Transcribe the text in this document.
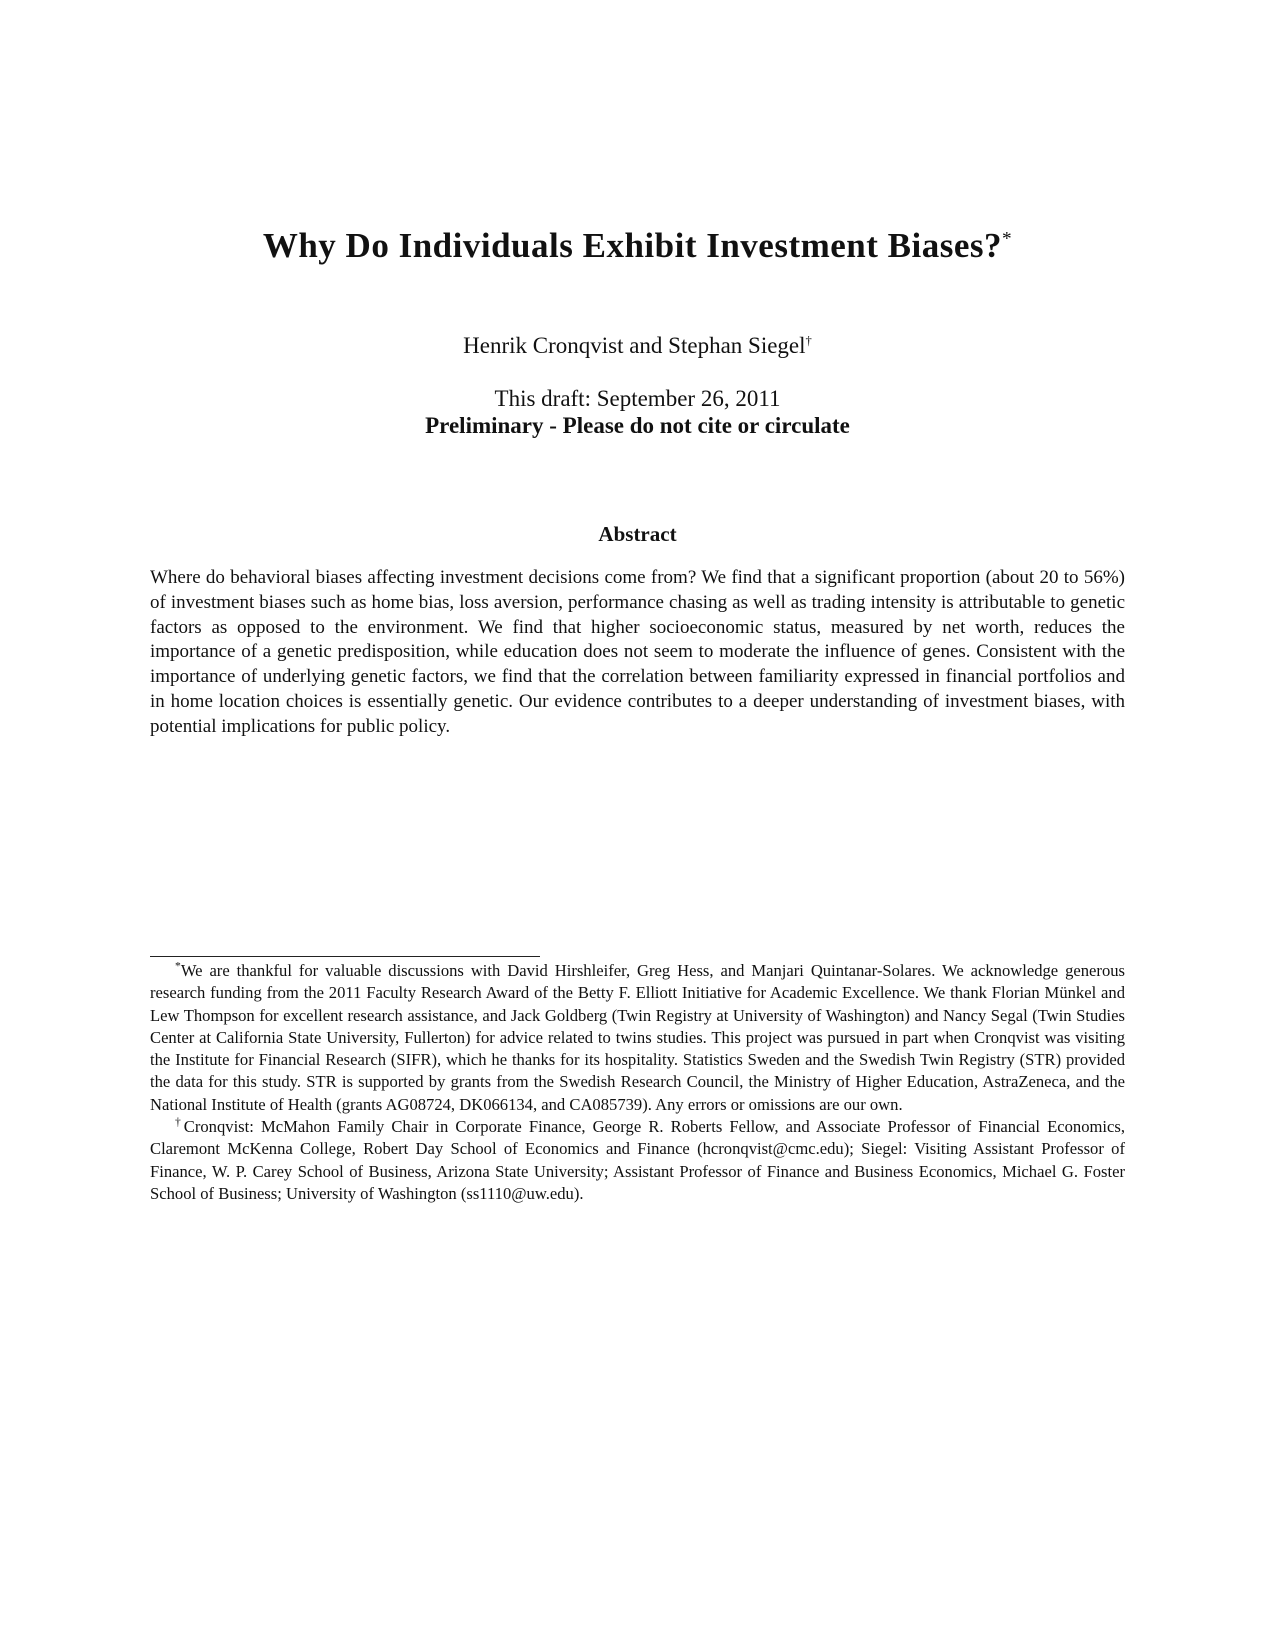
Why Do Individuals Exhibit Investment Biases?*
Henrik Cronqvist and Stephan Siegel†
This draft: September 26, 2011
Preliminary - Please do not cite or circulate
Abstract
Where do behavioral biases affecting investment decisions come from? We find that a significant proportion (about 20 to 56%) of investment biases such as home bias, loss aversion, performance chasing as well as trading intensity is attributable to genetic factors as opposed to the environment. We find that higher socioeconomic status, measured by net worth, reduces the importance of a genetic predisposition, while education does not seem to moderate the influence of genes. Consistent with the importance of underlying genetic factors, we find that the correlation between familiarity expressed in financial portfolios and in home location choices is essentially genetic. Our evidence contributes to a deeper understanding of investment biases, with potential implications for public policy.

*We are thankful for valuable discussions with David Hirshleifer, Greg Hess, and Manjari Quintanar-Solares. We acknowledge generous research funding from the 2011 Faculty Research Award of the Betty F. Elliott Initiative for Academic Excellence. We thank Florian Münkel and Lew Thompson for excellent research assistance, and Jack Goldberg (Twin Registry at University of Washington) and Nancy Segal (Twin Studies Center at California State University, Fullerton) for advice related to twins studies. This project was pursued in part when Cronqvist was visiting the Institute for Financial Research (SIFR), which he thanks for its hospitality. Statistics Sweden and the Swedish Twin Registry (STR) provided the data for this study. STR is supported by grants from the Swedish Research Council, the Ministry of Higher Education, AstraZeneca, and the National Institute of Health (grants AG08724, DK066134, and CA085739). Any errors or omissions are our own.

†Cronqvist: McMahon Family Chair in Corporate Finance, George R. Roberts Fellow, and Associate Professor of Financial Economics, Claremont McKenna College, Robert Day School of Economics and Finance (hcronqvist@cmc.edu); Siegel: Visiting Assistant Professor of Finance, W. P. Carey School of Business, Arizona State University; Assistant Professor of Finance and Business Economics, Michael G. Foster School of Business; University of Washington (ss1110@uw.edu).
